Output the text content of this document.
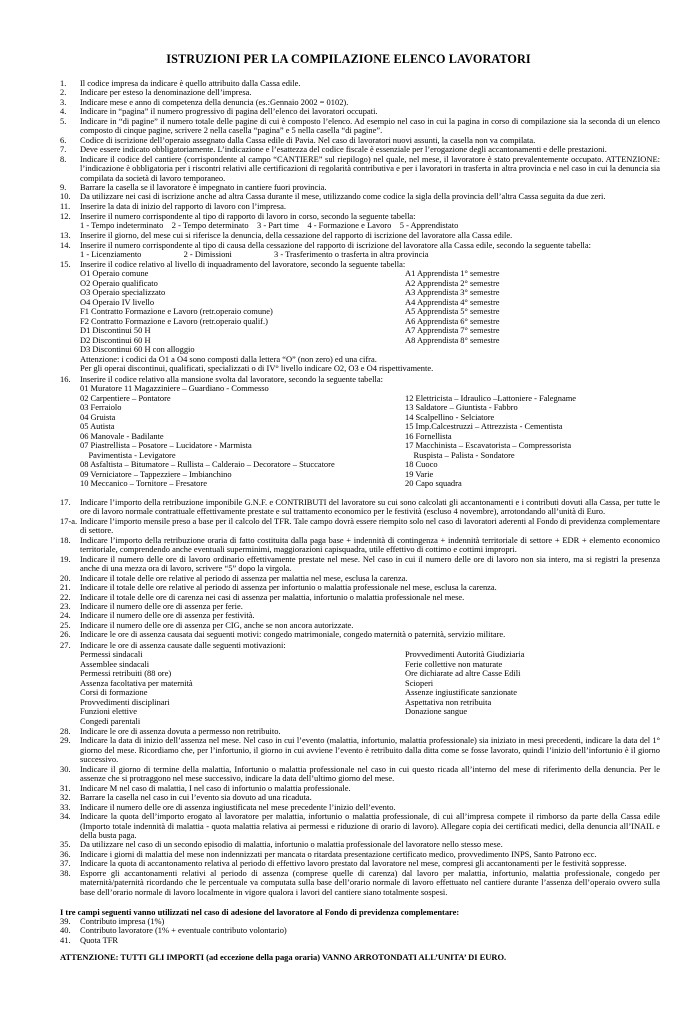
ISTRUZIONI PER LA COMPILAZIONE ELENCO LAVORATORI
1.	Il codice impresa da indicare è quello attribuito dalla Cassa edile.
2.	Indicare per esteso la denominazione dell’impresa.
3.	Indicare mese e anno di competenza della denuncia (es.:Gennaio 2002 = 0102).
4.	Indicare in “pagina” il numero progressivo di pagina dell’elenco dei lavoratori occupati.
5.	Indicare in “di pagine” il numero totale delle pagine di cui è composto l’elenco. Ad esempio nel caso in cui la pagina in corso di compilazione sia la seconda di un elenco composto di cinque pagine, scrivere 2 nella casella “pagina” e 5 nella casella “di pagine”.
6.	Codice di iscrizione dell’operaio assegnato dalla Cassa edile di Pavia. Nel caso di lavoratori nuovi assunti, la casella non va compilata.
7.	Deve essere indicato obbligatoriamente. L’indicazione e l’esattezza del codice fiscale è essenziale per l’erogazione degli accantonamenti e delle prestazioni.
8.	Indicare il codice del cantiere (corrispondente al campo “CANTIERE” sul riepilogo) nel quale, nel mese, il lavoratore è stato prevalentemente occupato. ATTENZIONE: l’indicazione è obbligatoria per i riscontri relativi alle certificazioni di regolarità contributiva e per i lavoratori in trasferta in altra provincia e nel caso in cui la denuncia sia compilata da società di lavoro temporaneo.
9.	Barrare la casella se il lavoratore è impegnato in cantiere fuori provincia.
10.	Da utilizzare nei casi di iscrizione anche ad altra Cassa durante il mese, utilizzando come codice la sigla della provincia dell’altra Cassa seguita da due zeri.
11.	Inserire la data di inizio del rapporto di lavoro con l’impresa.
12.	Inserire il numero corrispondente al tipo di rapporto di lavoro in corso, secondo la seguente tabella:
1 - Tempo indeterminato    2 - Tempo determinato    3 - Part time    4 - Formazione e Lavoro    5 - Apprendistato
13.	Inserire il giorno, del mese cui si riferisce la denuncia, della cessazione del rapporto di iscrizione del lavoratore alla Cassa edile.
14.	Inserire il numero corrispondente al tipo di causa della cessazione del rapporto di iscrizione del lavoratore alla Cassa edile, secondo la seguente tabella:
1 - Licenziamento                    2 - Dimissioni                    3 - Trasferimento o trasferta in altra provincia
15.	Inserire il codice relativo al livello di inquadramento del lavoratore, secondo la seguente tabella:
O1 Operaio comune
O2 Operaio qualificato
O3 Operaio specializzato
O4 Operaio IV livello
F1 Contratto Formazione e Lavoro (retr.operaio comune)
F2 Contratto Formazione e Lavoro (retr.operaio qualif.)
D1 Discontinui 50 H
D2 Discontinui 60 H
D3 Discontinui 60 H con alloggio
A1 Apprendista 1° semestre
A2 Apprendista 2° semestre
A3 Apprendista 3° semestre
A4 Apprendista 4° semestre
A5 Apprendista 5° semestre
A6 Apprendista 6° semestre
A7 Apprendista 7° semestre
A8 Apprendista 8° semestre
Attenzione: i codici da O1 a O4 sono composti dalla lettera “O” (non zero) ed una cifra.
Per gli operai discontinui, qualificati, specializzati o di IV° livello indicare O2, O3 e O4 rispettivamente.
16.	Inserire il codice relativo alla mansione svolta dal lavoratore, secondo la seguente tabella:
01 Muratore 11 Magazziniere – Guardiano - Commesso
02 Carpentiere – Pontatore
03 Ferraiolo
04 Gruista
05 Autista
06 Manovale - Badilante
07 Piastrellista – Posatore – Lucidatore - Marmista
Pavimentista - Levigatore
08 Asfaltista – Bitumatore – Rullista – Calderaio – Decoratore – Stuccatore
09 Verniciatore – Tappezziere – Imbianchino
10 Meccanico – Tornitore – Fresatore
12 Elettricista – Idraulico –Lattoniere - Falegname
13 Saldatore – Giuntista - Fabbro
14 Scalpellino - Selciatore
15 Imp.Calcestruzzi – Attrezzista - Cementista
16 Fornellista
17 Macchinista – Escavatorista – Compressorista
Ruspista – Palista - Sondatore
18 Cuoco
19 Varie
20 Capo squadra
17.	Indicare l’importo della retribuzione imponibile G.N.F. e CONTRIBUTI del lavoratore su cui sono calcolati gli accantonamenti e i contributi dovuti alla Cassa, per tutte le ore di lavoro normale contrattuale effettivamente prestate e sul trattamento economico per le festività (escluso 4 novembre), arrotondando all’unità di Euro.
17-a. Indicare l’importo mensile preso a base per il calcolo del TFR. Tale campo dovrà essere riempito solo nel caso di lavoratori aderenti al Fondo di previdenza complementare di settore.
18.	Indicare l’importo della retribuzione oraria di fatto costituita dalla paga base + indennità di contingenza + indennità territoriale di settore + EDR + elemento economico territoriale, comprendendo anche eventuali superminimi, maggiorazioni capisquadra, utile effettivo di cottimo e cottimi impropri.
19.	Indicare il numero delle ore di lavoro ordinario effettivamente prestate nel mese. Nel caso in cui il numero delle ore di lavoro non sia intero, ma si registri la presenza anche di una mezza ora di lavoro, scrivere “5” dopo la virgola.
20.	Indicare il totale delle ore relative al periodo di assenza per malattia nel mese, esclusa la carenza.
21.	Indicare il totale delle ore relative al periodo di assenza per infortunio o malattia professionale nel mese, esclusa la carenza.
22.	Indicare il totale delle ore di carenza nei casi di assenza per malattia, infortunio o malattia professionale nel mese.
23.	Indicare il numero delle ore di assenza per ferie.
24.	Indicare il numero delle ore di assenza per festività.
25.	Indicare il numero delle ore di assenza per CIG, anche se non ancora autorizzate.
26.	Indicare le ore di assenza causata dai seguenti motivi: congedo matrimoniale, congedo maternità o paternità, servizio militare.
27.	Indicare le ore di assenza causate dalle seguenti motivazioni:
Permessi sindacali
Assemblee sindacali
Permessi retribuiti (88 ore)
Assenza facoltativa per maternità
Corsi di formazione
Provvedimenti disciplinari
Funzioni elettive
Congedi parentali
Provvedimenti Autorità Giudiziaria
Ferie collettive non maturate
Ore dichiarate ad altre Casse Edili
Scioperi
Assenze ingiustificate sanzionate
Aspettativa non retribuita
Donazione sangue
28.	Indicare le ore di assenza dovuta a permesso non retribuito.
29.	Indicare la data di inizio dell’assenza nel mese. Nel caso in cui l’evento (malattia, infortunio, malattia professionale) sia iniziato in mesi precedenti, indicare la data del 1° giorno del mese. Ricordiamo che, per l’infortunio, il giorno in cui avviene l’evento è retribuito dalla ditta come se fosse lavorato, quindi l’inizio dell’infortunio è il giorno successivo.
30.	Indicare il giorno di termine della malattia, Infortunio o malattia professionale nel caso in cui questo ricada all’interno del mese di riferimento della denuncia. Per le assenze che si protraggono nel mese successivo, indicare la data dell’ultimo giorno del mese.
31.	Indicare M nel caso di malattia, I nel caso di infortunio o malattia professionale.
32.	Barrare la casella nel caso in cui l’evento sia dovuto ad una ricaduta.
33.	Indicare il numero delle ore di assenza ingiustificata nel mese precedente l’inizio dell’evento.
34.	Indicare la quota dell’importo erogato al lavoratore per malattia, infortunio o malattia professionale, di cui all’impresa compete il rimborso da parte della Cassa edile (Importo totale indennità di malattia - quota malattia relativa ai permessi e riduzione di orario di lavoro). Allegare copia dei certificati medici, della denuncia all’INAIL e della busta paga.
35.	Da utilizzare nel caso di un secondo episodio di malattia, infortunio o malattia professionale del lavoratore nello stesso mese.
36.	Indicare i giorni di malattia del mese non indennizzati per mancata o ritardata presentazione certificato medico, provvedimento INPS, Santo Patrono ecc.
37.	Indicare la quota di accantonamento relativa al periodo di effettivo lavoro prestato dal lavoratore nel mese, compresi gli accantonamenti per le festività soppresse.
38.	Esporre gli accantonamenti relativi al periodo di assenza (comprese quelle di carenza) dal lavoro per malattia, infortunio, malattia professionale, congedo per maternità/paternità ricordando che le percentuale va computata sulla base dell’orario normale di lavoro effettuato nel cantiere durante l’assenza dell’operaio ovvero sulla base dell’orario normale di lavoro localmente in vigore qualora i lavori del cantiere siano totalmente sospesi.
I tre campi seguenti vanno utilizzati nel caso di adesione del lavoratore al Fondo di previdenza complementare:
39.	Contributo impresa (1%)
40.	Contributo lavoratore (1% + eventuale contributo volontario)
41.	Quota TFR
ATTENZIONE: TUTTI GLI IMPORTI (ad eccezione della paga oraria) VANNO ARROTONDATI ALL’UNITA’ DI EURO.
